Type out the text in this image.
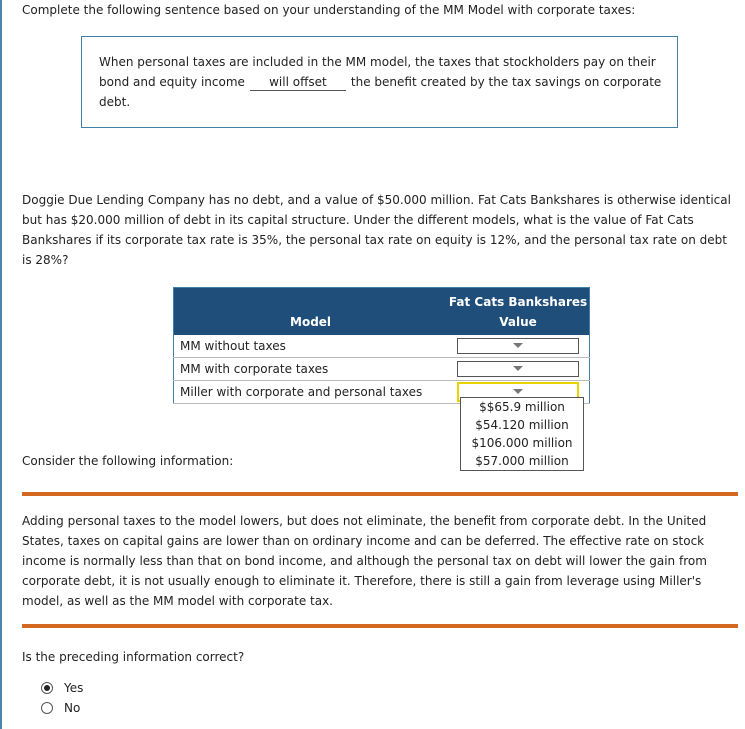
Complete the following sentence based on your understanding of the MM Model with corporate taxes:
When personal taxes are included in the MM model, the taxes that stockholders pay on their bond and equity income will offset the benefit created by the tax savings on corporate debt.
Doggie Due Lending Company has no debt, and a value of $50.000 million. Fat Cats Bankshares is otherwise identical but has $20.000 million of debt in its capital structure. Under the different models, what is the value of Fat Cats Bankshares if its corporate tax rate is 35%, the personal tax rate on equity is 12%, and the personal tax rate on debt is 28%?
Model	Fat Cats Bankshares
Value

MM without taxes	

MM with corporate taxes	

Miller with corporate and personal taxes	
$$65.9 million
$54.120 million
$106.000 million
$57.000 million
Consider the following information:
Adding personal taxes to the model lowers, but does not eliminate, the benefit from corporate debt. In the United States, taxes on capital gains are lower than on ordinary income and can be deferred. The effective rate on stock income is normally less than that on bond income, and although the personal tax on debt will lower the gain from corporate debt, it is not usually enough to eliminate it. Therefore, there is still a gain from leverage using Miller's model, as well as the MM model with corporate tax.
Is the preceding information correct?
Yes
No
